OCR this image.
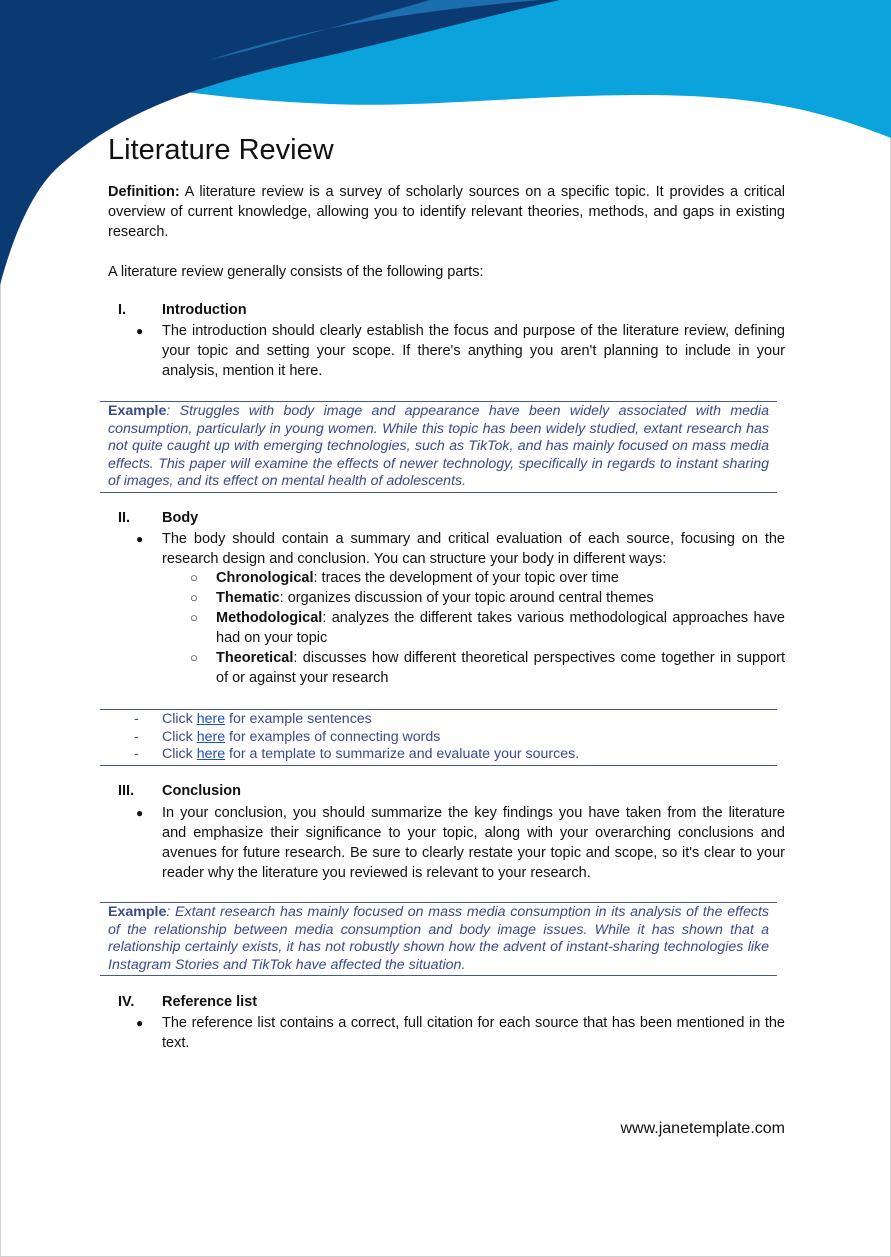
Literature Review

Definition: A literature review is a survey of scholarly sources on a specific topic. It provides a critical overview of current knowledge, allowing you to identify relevant theories, methods, and gaps in existing research.

A literature review generally consists of the following parts:

I. Introduction

● The introduction should clearly establish the focus and purpose of the literature review, defining your topic and setting your scope. If there's anything you aren't planning to include in your analysis, mention it here.
Example: Struggles with body image and appearance have been widely associated with media consumption, particularly in young women. While this topic has been widely studied, extant research has not quite caught up with emerging technologies, such as TikTok, and has mainly focused on mass media effects. This paper will examine the effects of newer technology, specifically in regards to instant sharing of images, and its effect on mental health of adolescents.

II. Body

● The body should contain a summary and critical evaluation of each source, focusing on the research design and conclusion. You can structure your body in different ways:
○ Chronological: traces the development of your topic over time
○ Thematic: organizes discussion of your topic around central themes
○ Methodological: analyzes the different takes various methodological approaches have had on your topic
○ Theoretical: discusses how different theoretical perspectives come together in support of or against your research
- Click here for example sentences
- Click here for examples of connecting words
- Click here for a template to summarize and evaluate your sources.

III. Conclusion

● In your conclusion, you should summarize the key findings you have taken from the literature and emphasize their significance to your topic, along with your overarching conclusions and avenues for future research. Be sure to clearly restate your topic and scope, so it's clear to your reader why the literature you reviewed is relevant to your research.
Example: Extant research has mainly focused on mass media consumption in its analysis of the effects of the relationship between media consumption and body image issues. While it has shown that a relationship certainly exists, it has not robustly shown how the advent of instant-sharing technologies like Instagram Stories and TikTok have affected the situation.

IV. Reference list

● The reference list contains a correct, full citation for each source that has been mentioned in the text.
www.janetemplate.com
